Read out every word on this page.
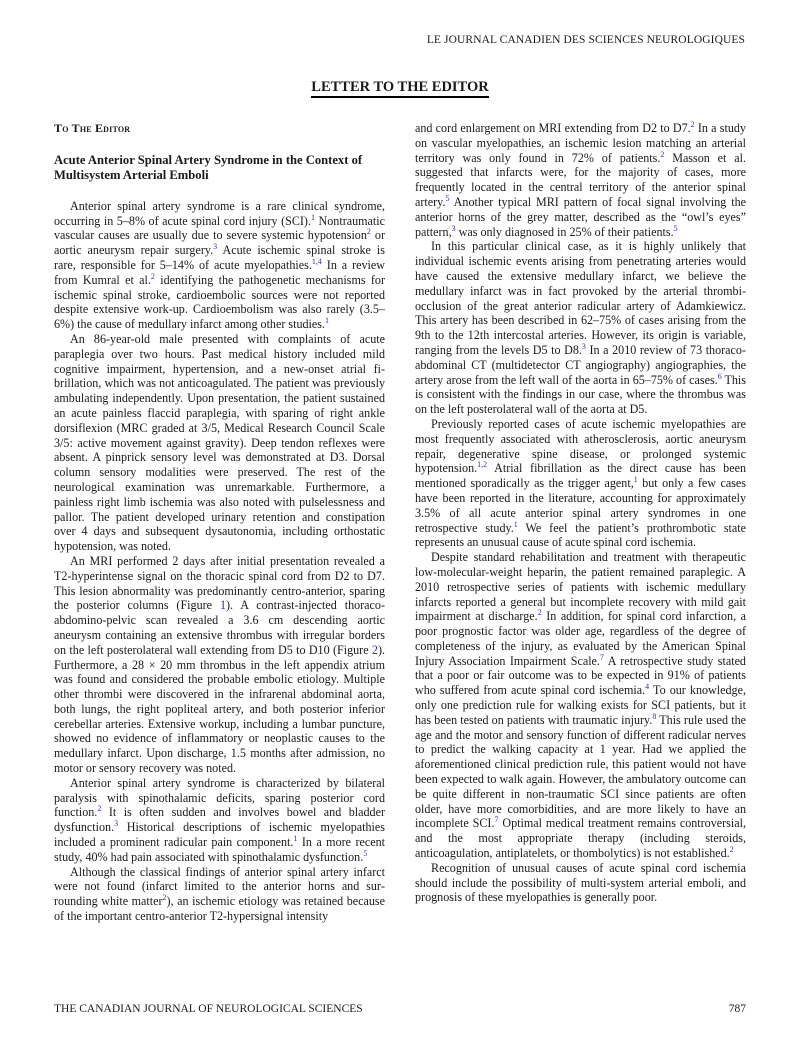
LE JOURNAL CANADIEN DES SCIENCES NEUROLOGIQUES
LETTER TO THE EDITOR
To The Editor
Acute Anterior Spinal Artery Syndrome in the Context of Multisystem Arterial Emboli

Anterior spinal artery syndrome is a rare clinical syndrome, occurring in 5–8% of acute spinal cord injury (SCI).$^1$ Nontraumatic vascular causes are usually due to severe systemic hypotension$^2$ or aortic aneurysm repair surgery.$^3$ Acute ischemic spinal stroke is rare, responsible for 5–14% of acute myelopathies.$^{1,4}$ In a review from Kumral et al.$^2$ identifying the pathogenetic mechanisms for ischemic spinal stroke, cardioembolic sources were not reported despite extensive work-up. Cardioembolism was also rarely (3.5–6%) the cause of medullary infarct among other studies.$^1$

An 86-year-old male presented with complaints of acute paraplegia over two hours. Past medical history included mild cognitive impairment, hypertension, and a new-onset atrial fibrillation, which was not anticoagulated. The patient was previously ambulating independently. Upon presentation, the patient sustained an acute painless flaccid paraplegia, with sparing of right ankle dorsiflexion (MRC graded at 3/5, Medical Research Council Scale 3/5: active movement against gravity). Deep tendon reflexes were absent. A pinprick sensory level was demonstrated at D3. Dorsal column sensory modalities were preserved. The rest of the neurological examination was unremarkable. Furthermore, a painless right limb ischemia was also noted with pulselessness and pallor. The patient developed urinary retention and constipation over 4 days and subsequent dysautonomia, including orthostatic hypotension, was noted.

An MRI performed 2 days after initial presentation revealed a T2-hyperintense signal on the thoracic spinal cord from D2 to D7. This lesion abnormality was predominantly centro-anterior, sparing the posterior columns (Figure 1). A contrast-injected thoraco-abdomino-pelvic scan revealed a 3.6 cm descending aortic aneurysm containing an extensive thrombus with irregular borders on the left posterolateral wall extending from D5 to D10 (Figure 2). Furthermore, a 28 × 20 mm thrombus in the left appendix atrium was found and considered the probable embolic etiology. Multiple other thrombi were discovered in the infrarenal abdominal aorta, both lungs, the right popliteal artery, and both posterior inferior cerebellar arteries. Extensive workup, including a lumbar puncture, showed no evidence of inflammatory or neoplastic causes to the medullary infarct. Upon discharge, 1.5 months after admission, no motor or sensory recovery was noted.

Anterior spinal artery syndrome is characterized by bilateral paralysis with spinothalamic deficits, sparing posterior cord function.$^2$ It is often sudden and involves bowel and bladder dysfunction.$^3$ Historical descriptions of ischemic myelopathies included a prominent radicular pain component.$^1$ In a more recent study, 40% had pain associated with spinothalamic dysfunction.$^5$

Although the classical findings of anterior spinal artery infarct were not found (infarct limited to the anterior horns and surrounding white matter$^2$), an ischemic etiology was retained because of the important centro-anterior T2-hypersignal intensity

and cord enlargement on MRI extending from D2 to D7.$^2$ In a study on vascular myelopathies, an ischemic lesion matching an arterial territory was only found in 72% of patients.$^2$ Masson et al. suggested that infarcts were, for the majority of cases, more frequently located in the central territory of the anterior spinal artery.$^5$ Another typical MRI pattern of focal signal involving the anterior horns of the grey matter, described as the “owl’s eyes” pattern,$^3$ was only diagnosed in 25% of their patients.$^5$

In this particular clinical case, as it is highly unlikely that individual ischemic events arising from penetrating arteries would have caused the extensive medullary infarct, we believe the medullary infarct was in fact provoked by the arterial thrombi-occlusion of the great anterior radicular artery of Adamkiewicz. This artery has been described in 62–75% of cases arising from the 9th to the 12th intercostal arteries. However, its origin is variable, ranging from the levels D5 to D8.$^3$ In a 2010 review of 73 thoraco-abdominal CT (multidetector CT angiography) angiographies, the artery arose from the left wall of the aorta in 65–75% of cases.$^6$ This is consistent with the findings in our case, where the thrombus was on the left posterolateral wall of the aorta at D5.

Previously reported cases of acute ischemic myelopathies are most frequently associated with atherosclerosis, aortic aneurysm repair, degenerative spine disease, or prolonged systemic hypotension.$^{1,2}$ Atrial fibrillation as the direct cause has been mentioned sporadically as the trigger agent,$^1$ but only a few cases have been reported in the literature, accounting for approximately 3.5% of all acute anterior spinal artery syndromes in one retrospective study.$^1$ We feel the patient’s prothrombotic state represents an unusual cause of acute spinal cord ischemia.

Despite standard rehabilitation and treatment with therapeutic low-molecular-weight heparin, the patient remained paraplegic. A 2010 retrospective series of patients with ischemic medullary infarcts reported a general but incomplete recovery with mild gait impairment at discharge.$^2$ In addition, for spinal cord infarction, a poor prognostic factor was older age, regardless of the degree of completeness of the injury, as evaluated by the American Spinal Injury Association Impairment Scale.$^7$ A retrospective study stated that a poor or fair outcome was to be expected in 91% of patients who suffered from acute spinal cord ischemia.$^4$ To our knowledge, only one prediction rule for walking exists for SCI patients, but it has been tested on patients with traumatic injury.$^8$ This rule used the age and the motor and sensory function of different radicular nerves to predict the walking capacity at 1 year. Had we applied the aforementioned clinical prediction rule, this patient would not have been expected to walk again. However, the ambulatory outcome can be quite different in non-traumatic SCI since patients are often older, have more comorbidities, and are more likely to have an incomplete SCI.$^7$ Optimal medical treatment remains controversial, and the most appropriate therapy (including steroids, anticoagulation, antiplatelets, or thombolytics) is not established.$^2$

Recognition of unusual causes of acute spinal cord ischemia should include the possibility of multi-system arterial emboli, and prognosis of these myelopathies is generally poor.

THE CANADIAN JOURNAL OF NEUROLOGICAL SCIENCES	787
